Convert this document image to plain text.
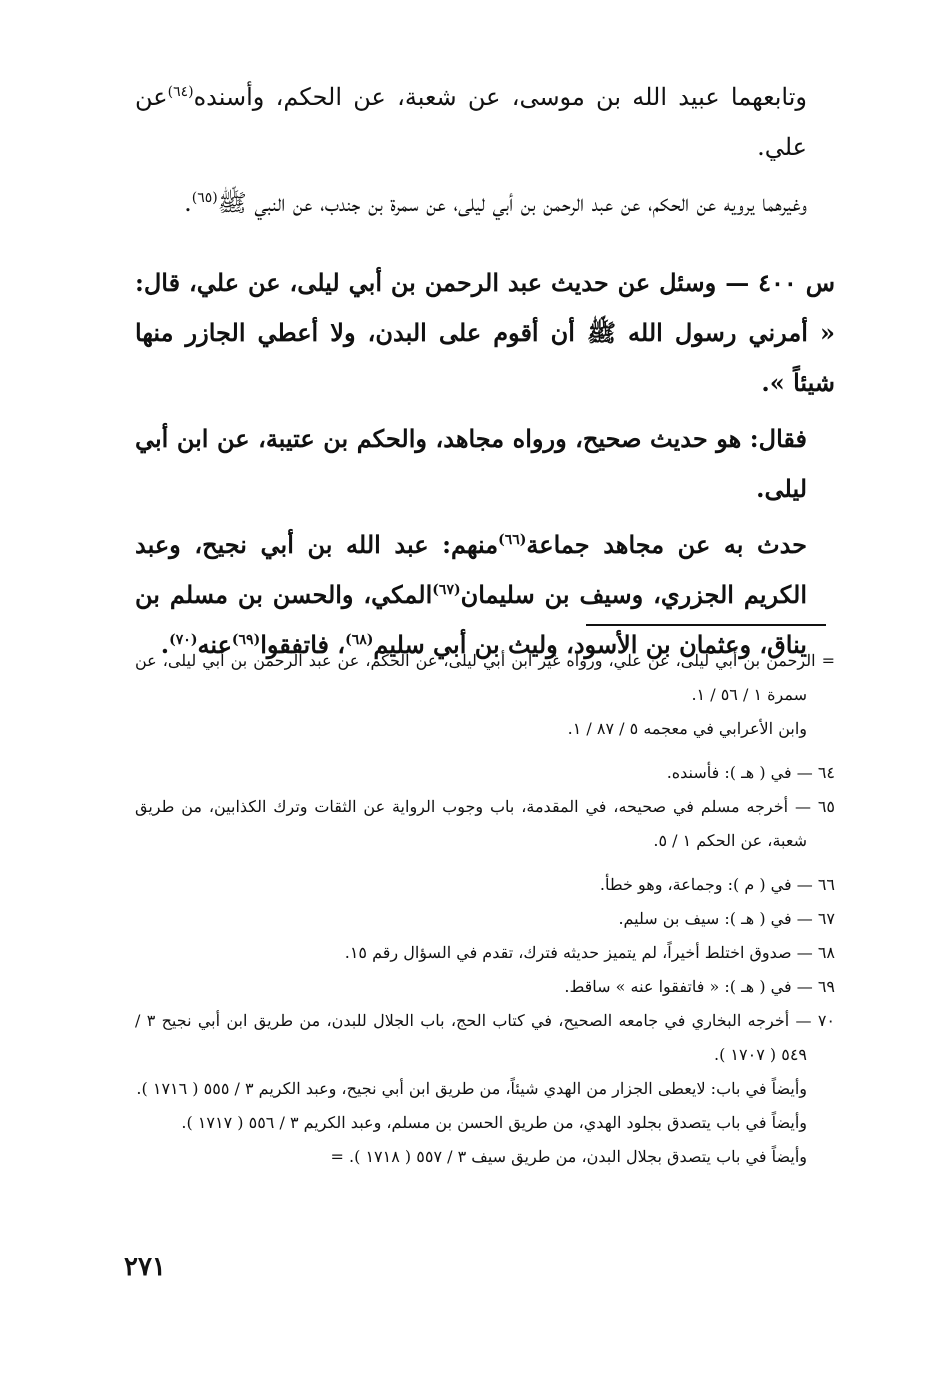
وتابعهما عبيد الله بن موسى، عن شعبة، عن الحكم، وأسنده$^{(٦٤)}$عن علي.

وغيرهما يرويه عن الحكم، عن عبد الرحمن بن أبي ليلى، عن سمرة بن جندب، عن النبي ﷺ$^{(٦٥)}$.

س ٤٠٠ — وسئل عن حديث عبد الرحمن بن أبي ليلى، عن علي، قال: « أمرني رسول الله ﷺ أن أقوم على البدن، ولا أعطي الجازر منها شيئاً ».

فقال: هو حديث صحيح، ورواه مجاهد، والحكم بن عتيبة، عن ابن أبي ليلى.

حدث به عن مجاهد جماعة$^{(٦٦)}$منهم: عبد الله بن أبي نجيح، وعبد الكريم الجزري، وسيف بن سليمان$^{(٦٧)}$المكي، والحسن بن مسلم بن يناق، وعثمان بن الأسود، وليث بن أبي سليم$^{(٦٨)}$، فاتفقوا$^{(٦٩)}$عنه$^{(٧٠)}$.

= الرحمن بن أبي ليلى، عن علي، ورواه غير ابن أبي ليلى، عن الحكم، عن عبد الرحمن بن أبي ليلى، عن سمرة ١ / ٥٦ / ١.

وابن الأعرابي في معجمه ٥ / ٨٧ / ١.

٦٤ — في ( هـ ): فأسنده.

٦٥ — أخرجه مسلم في صحيحه، في المقدمة، باب وجوب الرواية عن الثقات وترك الكذابين، من طريق شعبة، عن الحكم ١ / ٥.

٦٦ — في ( م ): وجماعة، وهو خطأ.

٦٧ — في ( هـ ): سيف بن سليم.

٦٨ — صدوق اختلط أخيراً، لم يتميز حديثه فترك، تقدم في السؤال رقم ١٥.

٦٩ — في ( هـ ): « فاتفقوا عنه » ساقط.

٧٠ — أخرجه البخاري في جامعه الصحيح، في كتاب الحج، باب الجلال للبدن، من طريق ابن أبي نجيح ٣ / ٥٤٩ ( ١٧٠٧ ).

وأيضاً في باب: لايعطى الجزار من الهدي شيئاً، من طريق ابن أبي نجيح، وعبد الكريم ٣ / ٥٥٥ ( ١٧١٦ ).

وأيضاً في باب يتصدق بجلود الهدي، من طريق الحسن بن مسلم، وعبد الكريم ٣ / ٥٥٦ ( ١٧١٧ ).

وأيضاً في باب يتصدق بجلال البدن، من طريق سيف ٣ / ٥٥٧ ( ١٧١٨ ). =

٢٧١
